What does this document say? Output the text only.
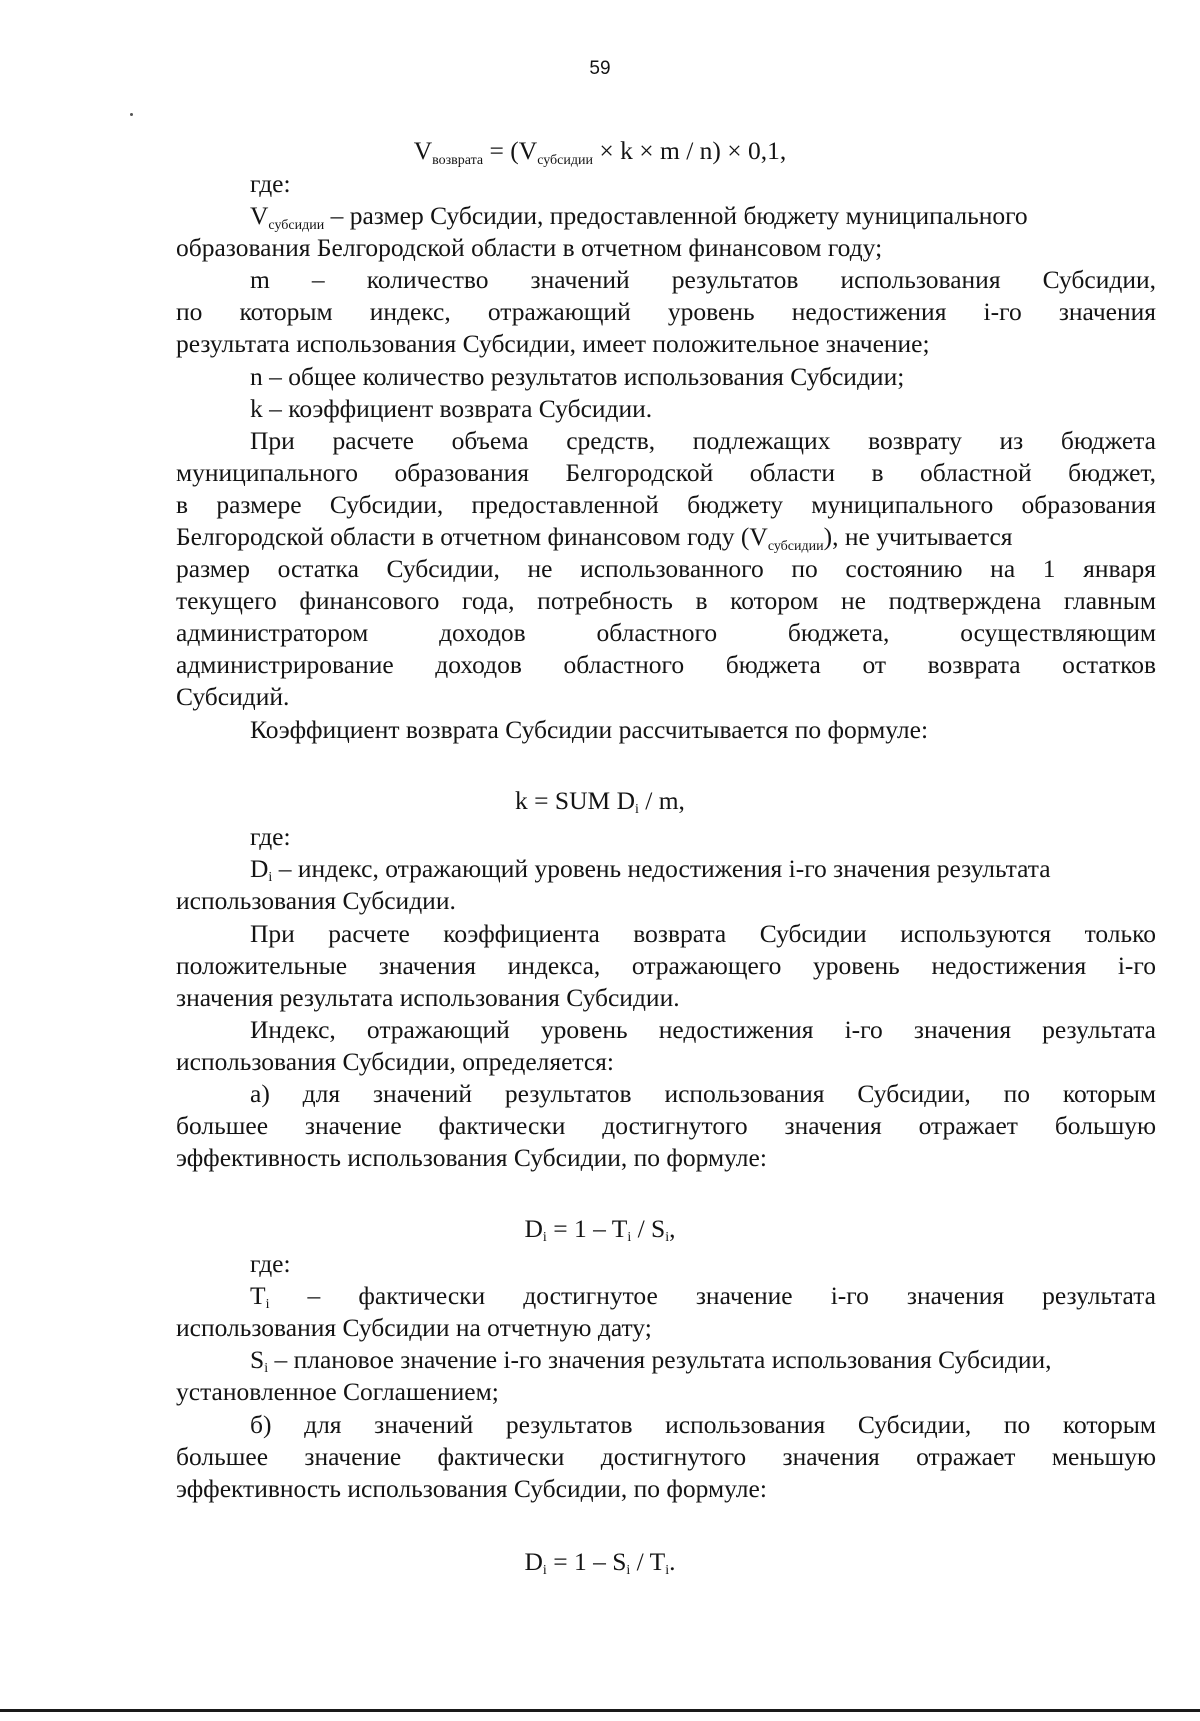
59
Vвозврата = (Vсубсидии × k × m / n) × 0,1,
где:
Vсубсидии – размер Субсидии, предоставленной бюджету муниципального
образования Белгородской области в отчетном финансовом году;
m – количество значений результатов использования Субсидии,
по которым индекс, отражающий уровень недостижения i-го значения
результата использования Субсидии, имеет положительное значение;
n – общее количество результатов использования Субсидии;
k – коэффициент возврата Субсидии.
При расчете объема средств, подлежащих возврату из бюджета
муниципального образования Белгородской области в областной бюджет,
в размере Субсидии, предоставленной бюджету муниципального образования
Белгородской области в отчетном финансовом году (Vсубсидии), не учитывается
размер остатка Субсидии, не использованного по состоянию на 1 января
текущего финансового года, потребность в котором не подтверждена главным
администратором доходов областного бюджета, осуществляющим
администрирование доходов областного бюджета от возврата остатков
Субсидий.
Коэффициент возврата Субсидии рассчитывается по формуле:
k = SUM $D_i$ / m,
где:
$D_i$ – индекс, отражающий уровень недостижения i-го значения результата
использования Субсидии.
При расчете коэффициента возврата Субсидии используются только
положительные значения индекса, отражающего уровень недостижения i-го
значения результата использования Субсидии.
Индекс, отражающий уровень недостижения i-го значения результата
использования Субсидии, определяется:
а) для значений результатов использования Субсидии, по которым
большее значение фактически достигнутого значения отражает большую
эффективность использования Субсидии, по формуле:
$D_i = 1 - T_i / S_i$,
где:
$T_i$ – фактически достигнутое значение i-го значения результата
использования Субсидии на отчетную дату;
$S_i$ – плановое значение i-го значения результата использования Субсидии,
установленное Соглашением;
б) для значений результатов использования Субсидии, по которым
большее значение фактически достигнутого значения отражает меньшую
эффективность использования Субсидии, по формуле:
$D_i = 1 - S_i / T_i$.
